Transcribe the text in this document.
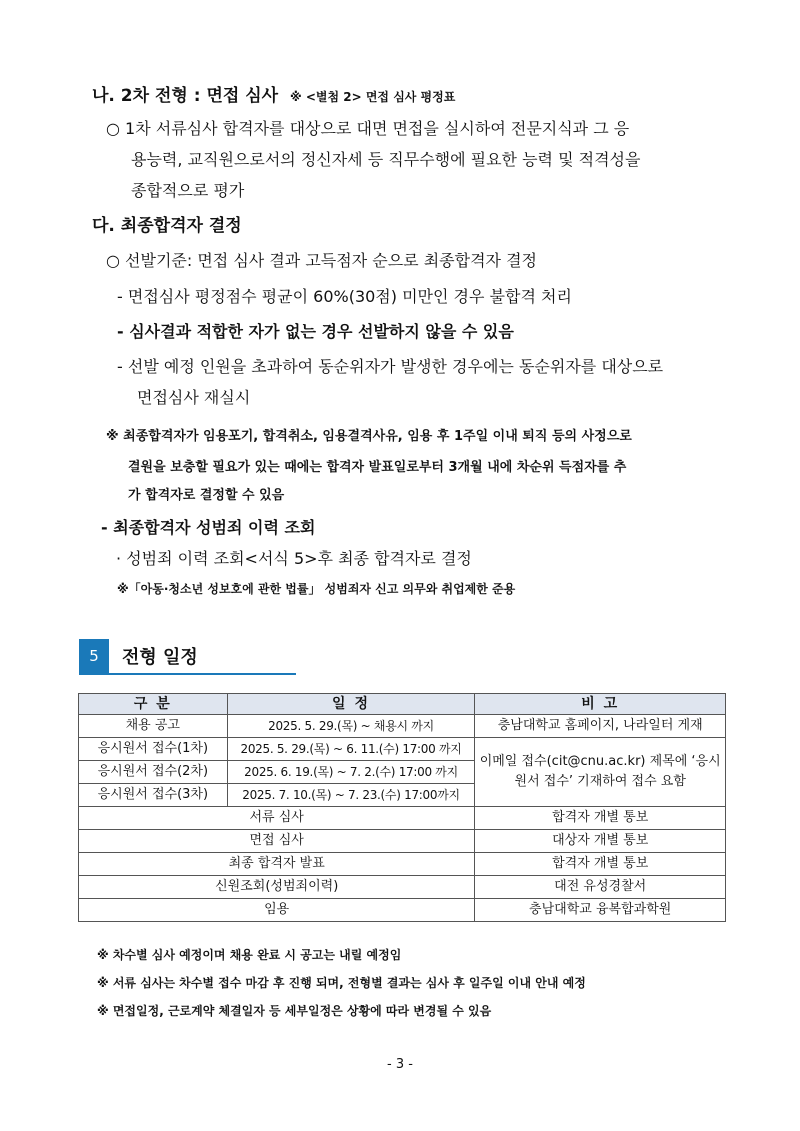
나. 2차 전형 : 면접 심사 ※ <별첨 2> 면접 심사 평정표
○ 1차 서류심사 합격자를 대상으로 대면 면접을 실시하여 전문지식과 그 응
용능력, 교직원으로서의 정신자세 등 직무수행에 필요한 능력 및 적격성을
종합적으로 평가
다. 최종합격자 결정
○ 선발기준: 면접 심사 결과 고득점자 순으로 최종합격자 결정
- 면접심사 평정점수 평균이 60%(30점) 미만인 경우 불합격 처리
- 심사결과 적합한 자가 없는 경우 선발하지 않을 수 있음
- 선발 예정 인원을 초과하여 동순위자가 발생한 경우에는 동순위자를 대상으로
면접심사 재실시
※ 최종합격자가 임용포기, 합격취소, 임용결격사유, 임용 후 1주일 이내 퇴직 등의 사정으로
결원을 보충할 필요가 있는 때에는 합격자 발표일로부터 3개월 내에 차순위 득점자를 추
가 합격자로 결정할 수 있음
- 최종합격자 성범죄 이력 조회
· 성범죄 이력 조회<서식 5>후 최종 합격자로 결정
※「아동·청소년 성보호에 관한 법률」 성범죄자 신고 의무와 취업제한 준용
5	전형 일정
구 분	일 정	비 고
채용 공고	2025. 5. 29.(목) ~ 채용시 까지	충남대학교 홈페이지, 나라일터 게재
응시원서 접수(1차)	2025. 5. 29.(목) ~ 6. 11.(수) 17:00 까지	이메일 접수(cit@cnu.ac.kr) 제목에 ‘응시원서 접수’ 기재하여 접수 요함
응시원서 접수(2차)	2025. 6. 19.(목) ~ 7. 2.(수) 17:00 까지	
응시원서 접수(3차)	2025. 7. 10.(목) ~ 7. 23.(수) 17:00까지	
서류 심사		합격자 개별 통보
면접 심사		대상자 개별 통보
최종 합격자 발표		합격자 개별 통보
신원조회(성범죄이력)		대전 유성경찰서
임용		충남대학교 융복합과학원
※ 차수별 심사 예정이며 채용 완료 시 공고는 내릴 예정임
※ 서류 심사는 차수별 접수 마감 후 진행 되며, 전형별 결과는 심사 후 일주일 이내 안내 예정
※ 면접일정, 근로계약 체결일자 등 세부일정은 상황에 따라 변경될 수 있음
- 3 -
